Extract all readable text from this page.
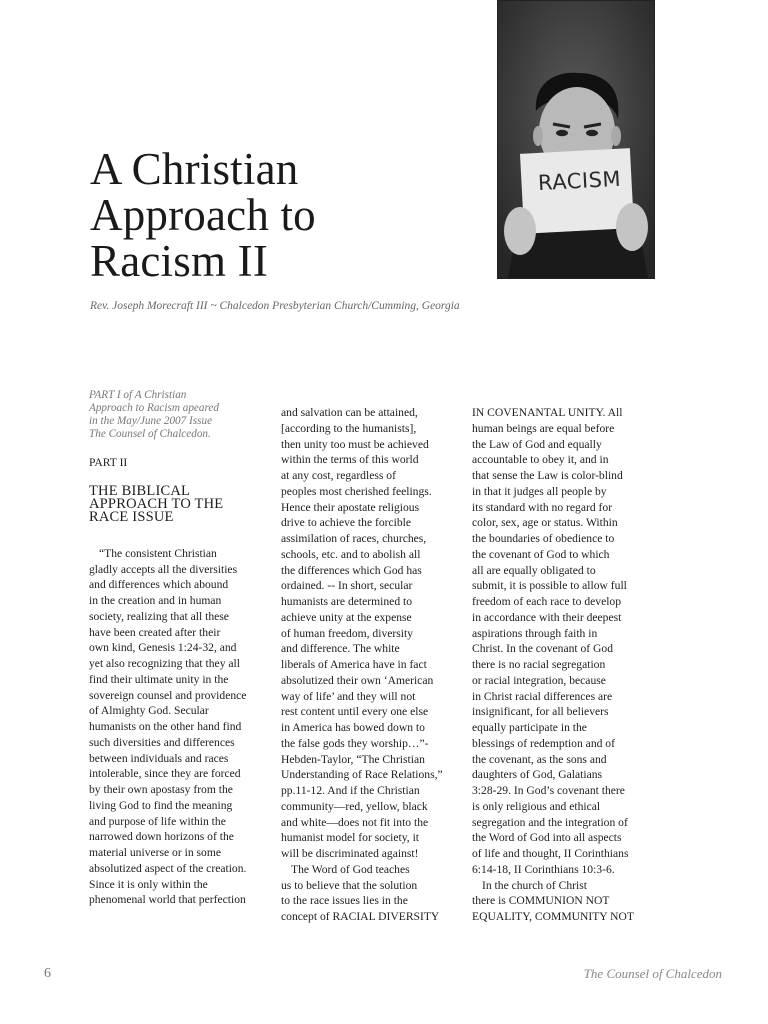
RACISM
A Christian
Approach to
Racism II
Rev. Joseph Morecraft III ~ Chalcedon Presbyterian Church/Cumming, Georgia
PART I of A Christian
Approach to Racism apeared
in the May/June 2007 Issue
The Counsel of Chalcedon.
PART II
THE BIBLICAL
APPROACH TO THE
RACE ISSUE
“The consistent Christian
gladly accepts all the diversities
and differences which abound
in the creation and in human
society, realizing that all these
have been created after their
own kind, Genesis 1:24-32, and
yet also recognizing that they all
find their ultimate unity in the
sovereign counsel and providence
of Almighty God. Secular
humanists on the other hand find
such diversities and differences
between individuals and races
intolerable, since they are forced
by their own apostasy from the
living God to find the meaning
and purpose of life within the
narrowed down horizons of the
material universe or in some
absolutized aspect of the creation.
Since it is only within the
phenomenal world that perfection
and salvation can be attained,
[according to the humanists],
then unity too must be achieved
within the terms of this world
at any cost, regardless of
peoples most cherished feelings.
Hence their apostate religious
drive to achieve the forcible
assimilation of races, churches,
schools, etc. and to abolish all
the differences which God has
ordained. -- In short, secular
humanists are determined to
achieve unity at the expense
of human freedom, diversity
and difference. The white
liberals of America have in fact
absolutized their own ‘American
way of life’ and they will not
rest content until every one else
in America has bowed down to
the false gods they worship…”-
Hebden-Taylor, “The Christian
Understanding of Race Relations,”
pp.11-12. And if the Christian
community—red, yellow, black
and white—does not fit into the
humanist model for society, it
will be discriminated against!
The Word of God teaches
us to believe that the solution
to the race issues lies in the
concept of RACIAL DIVERSITY
IN COVENANTAL UNITY. All
human beings are equal before
the Law of God and equally
accountable to obey it, and in
that sense the Law is color-blind
in that it judges all people by
its standard with no regard for
color, sex, age or status. Within
the boundaries of obedience to
the covenant of God to which
all are equally obligated to
submit, it is possible to allow full
freedom of each race to develop
in accordance with their deepest
aspirations through faith in
Christ. In the covenant of God
there is no racial segregation
or racial integration, because
in Christ racial differences are
insignificant, for all believers
equally participate in the
blessings of redemption and of
the covenant, as the sons and
daughters of God, Galatians
3:28-29. In God’s covenant there
is only religious and ethical
segregation and the integration of
the Word of God into all aspects
of life and thought, II Corinthians
6:14-18, II Corinthians 10:3-6.
In the church of Christ
there is COMMUNION NOT
EQUALITY, COMMUNITY NOT
6	The Counsel of Chalcedon
